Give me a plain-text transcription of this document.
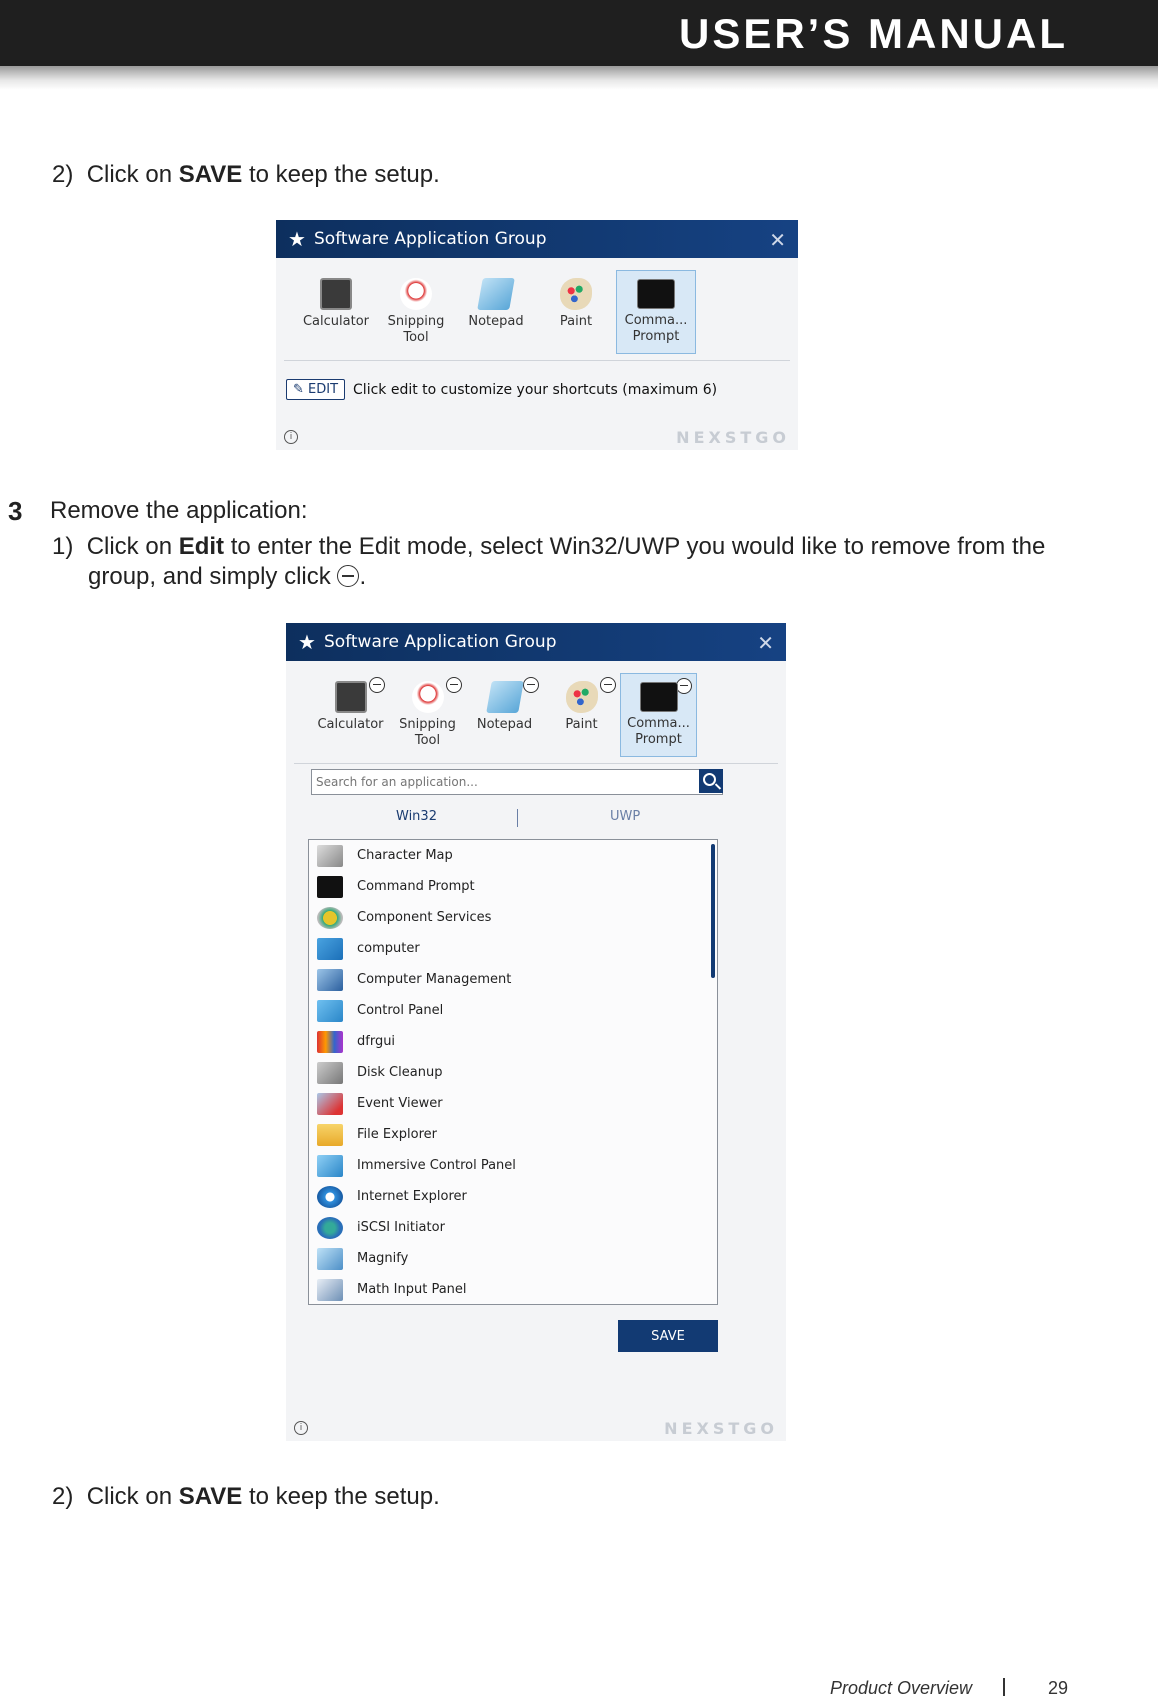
USER’S MANUAL
2) Click on SAVE to keep the setup.
★ Software Application Group	✕
Calculator	Snipping
Tool
Notepad	Paint	Comma...
Prompt
✎ EDIT	Click edit to customize your shortcuts (maximum 6)
i	NEXSTGO
3 Remove the application:
1) Click on Edit to enter the Edit mode, select Win32/UWP you would like to remove from the
group, and simply click .
★ Software Application Group	✕
Calculator	Snipping
Tool
Notepad	Paint	Comma...
Prompt
Search for an application...
Win32	UWP
Character Map
Command Prompt
Component Services
computer
Computer Management
Control Panel
dfrgui
Disk Cleanup
Event Viewer
File Explorer
Immersive Control Panel
Internet Explorer
iSCSI Initiator
Magnify
Math Input Panel
SAVE
i	NEXSTGO
2) Click on SAVE to keep the setup.
Product Overview	29
